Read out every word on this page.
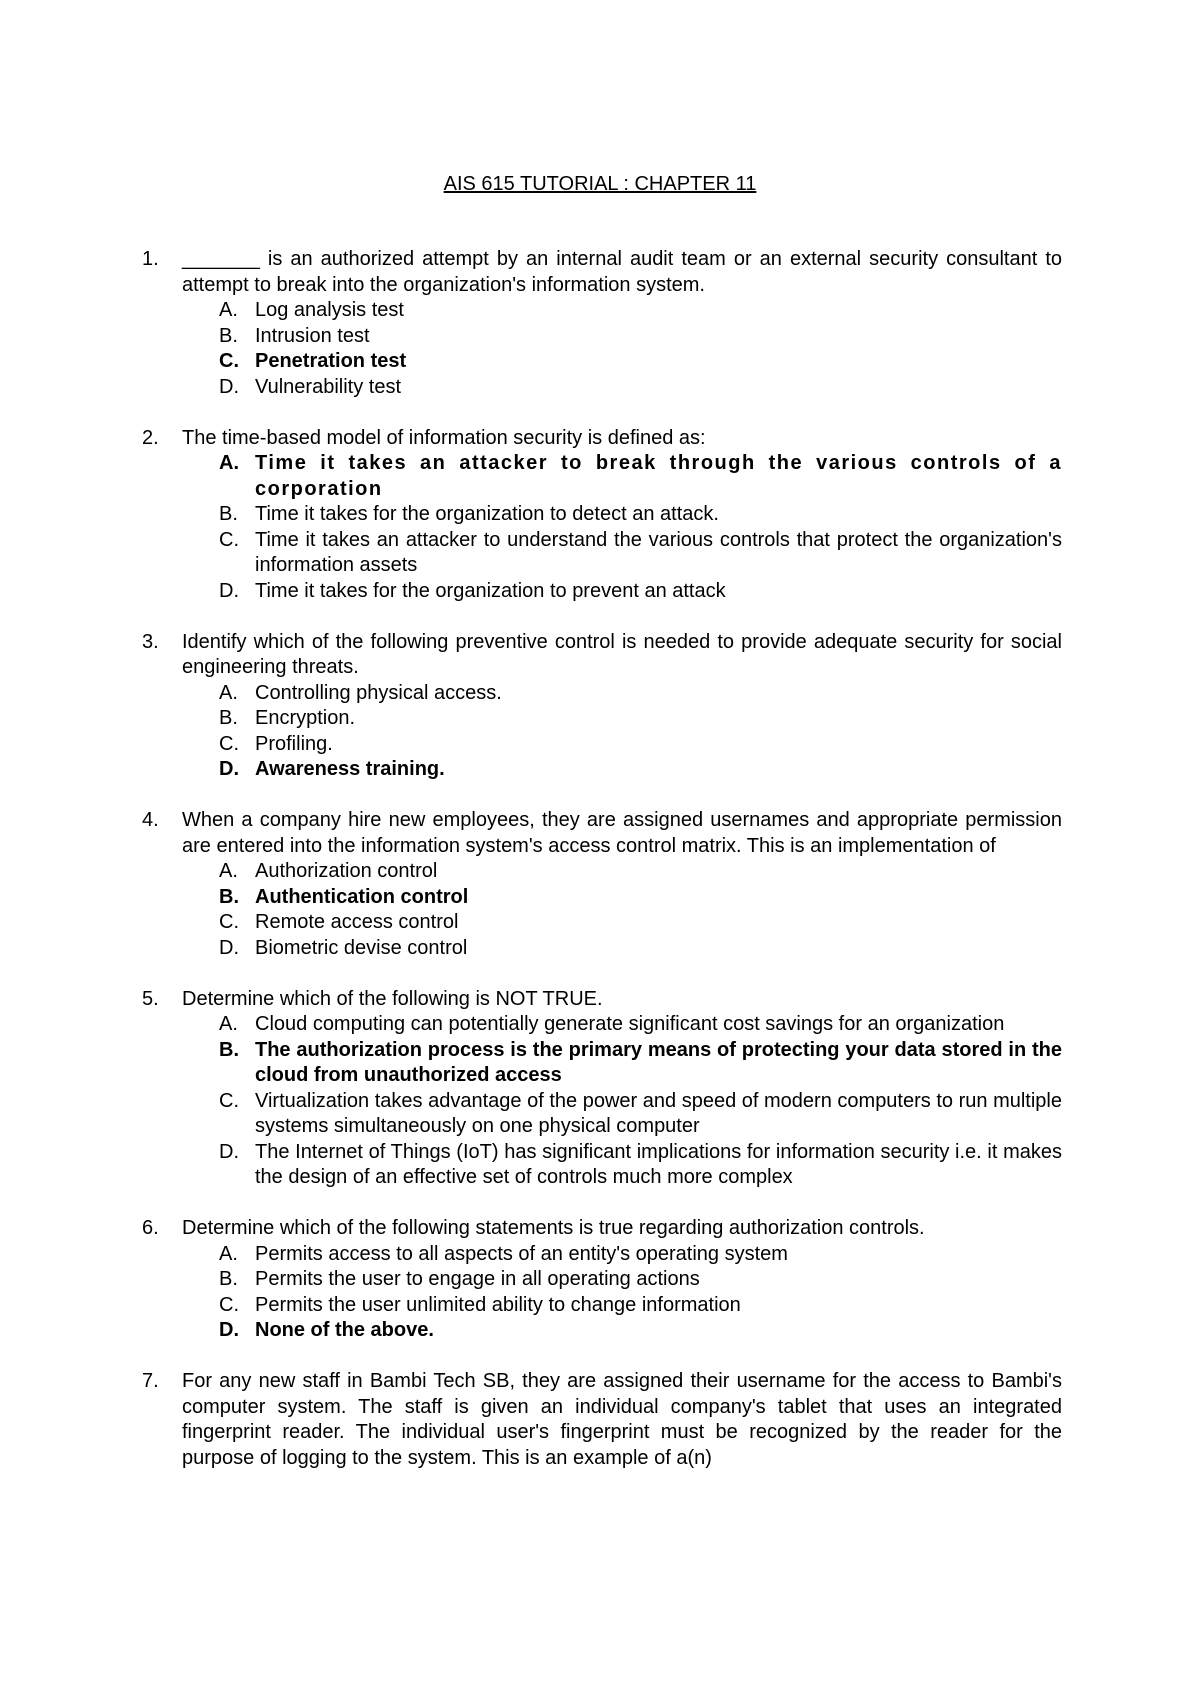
AIS 615 TUTORIAL : CHAPTER 11
1.	_______ is an authorized attempt by an internal audit team or an external security consultant to attempt to break into the organization's information system.
A. Log analysis test
B. Intrusion test
C. Penetration test
D. Vulnerability test
2.	The time-based model of information security is defined as:
A. Time it takes an attacker to break through the various controls of a corporation
B. Time it takes for the organization to detect an attack.
C. Time it takes an attacker to understand the various controls that protect the organization's information assets
D. Time it takes for the organization to prevent an attack
3.	Identify which of the following preventive control is needed to provide adequate security for social engineering threats.
A. Controlling physical access.
B. Encryption.
C. Profiling.
D. Awareness training.
4.	When a company hire new employees, they are assigned usernames and appropriate permission are entered into the information system's access control matrix. This is an implementation of
A. Authorization control
B. Authentication control
C. Remote access control
D. Biometric devise control
5.	Determine which of the following is NOT TRUE.
A. Cloud computing can potentially generate significant cost savings for an organization
B. The authorization process is the primary means of protecting your data stored in the cloud from unauthorized access
C. Virtualization takes advantage of the power and speed of modern computers to run multiple systems simultaneously on one physical computer
D. The Internet of Things (IoT) has significant implications for information security i.e. it makes the design of an effective set of controls much more complex
6.	Determine which of the following statements is true regarding authorization controls.
A. Permits access to all aspects of an entity's operating system
B. Permits the user to engage in all operating actions
C. Permits the user unlimited ability to change information
D. None of the above.
7.	For any new staff in Bambi Tech SB, they are assigned their username for the access to Bambi's computer system. The staff is given an individual company's tablet that uses an integrated fingerprint reader. The individual user's fingerprint must be recognized by the reader for the purpose of logging to the system. This is an example of a(n)
